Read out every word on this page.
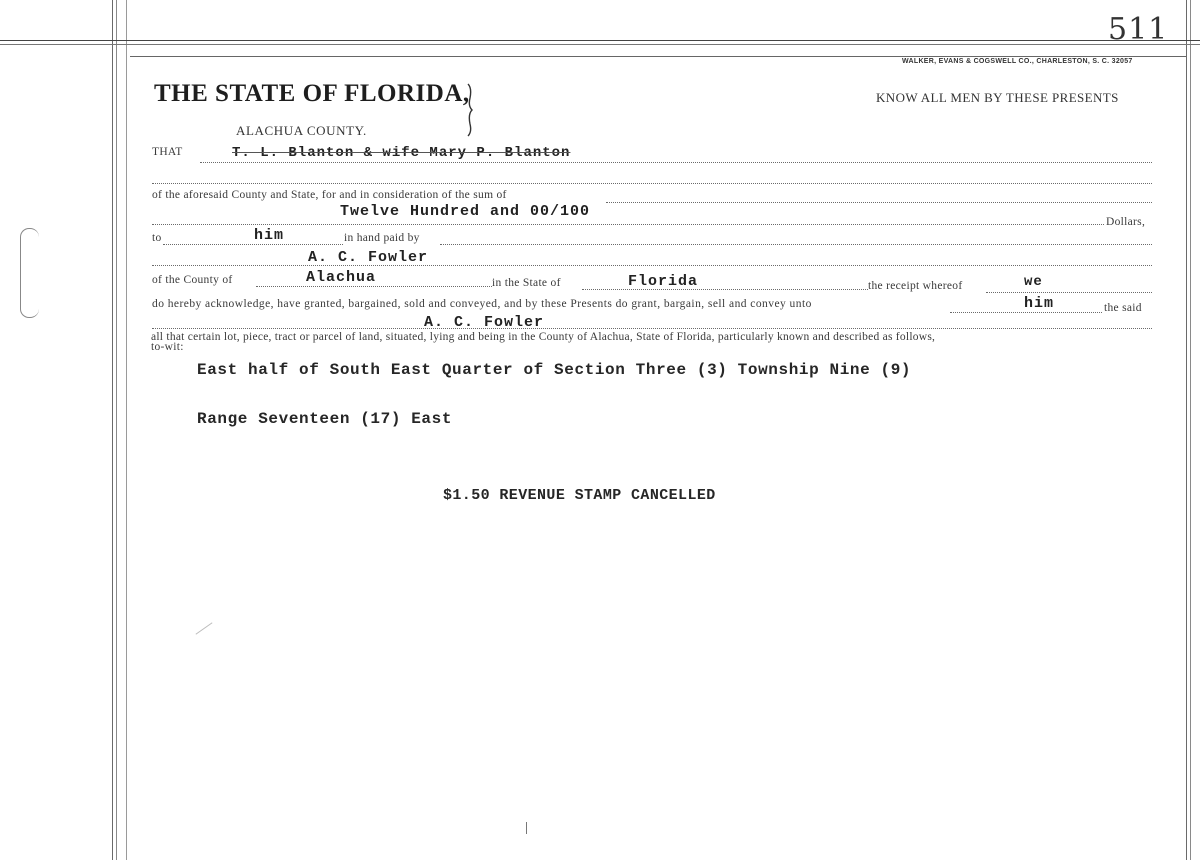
511
WALKER, EVANS & COGSWELL CO., CHARLESTON, S. C. 32057
THE STATE OF FLORIDA,
ALACHUA COUNTY.
KNOW ALL MEN BY THESE PRESENTS
THAT	T. L. Blanton & wife Mary P. Blanton
of the aforesaid County and State, for and in consideration of the sum of
Twelve Hundred and 00/100
Dollars,
to	him	in hand paid by
A. C. Fowler
of the County of	Alachua	in the State of	Florida	the receipt whereof	we
do hereby acknowledge, have granted, bargained, sold and conveyed, and by these Presents do grant, bargain, sell and convey unto	him	the said
A. C. Fowler
all that certain lot, piece, tract or parcel of land, situated, lying and being in the County of Alachua, State of Florida, particularly known and described as follows,
to-wit:
East half of South East Quarter of Section Three (3) Township Nine (9)
Range Seventeen (17) East
$1.50 REVENUE STAMP CANCELLED
